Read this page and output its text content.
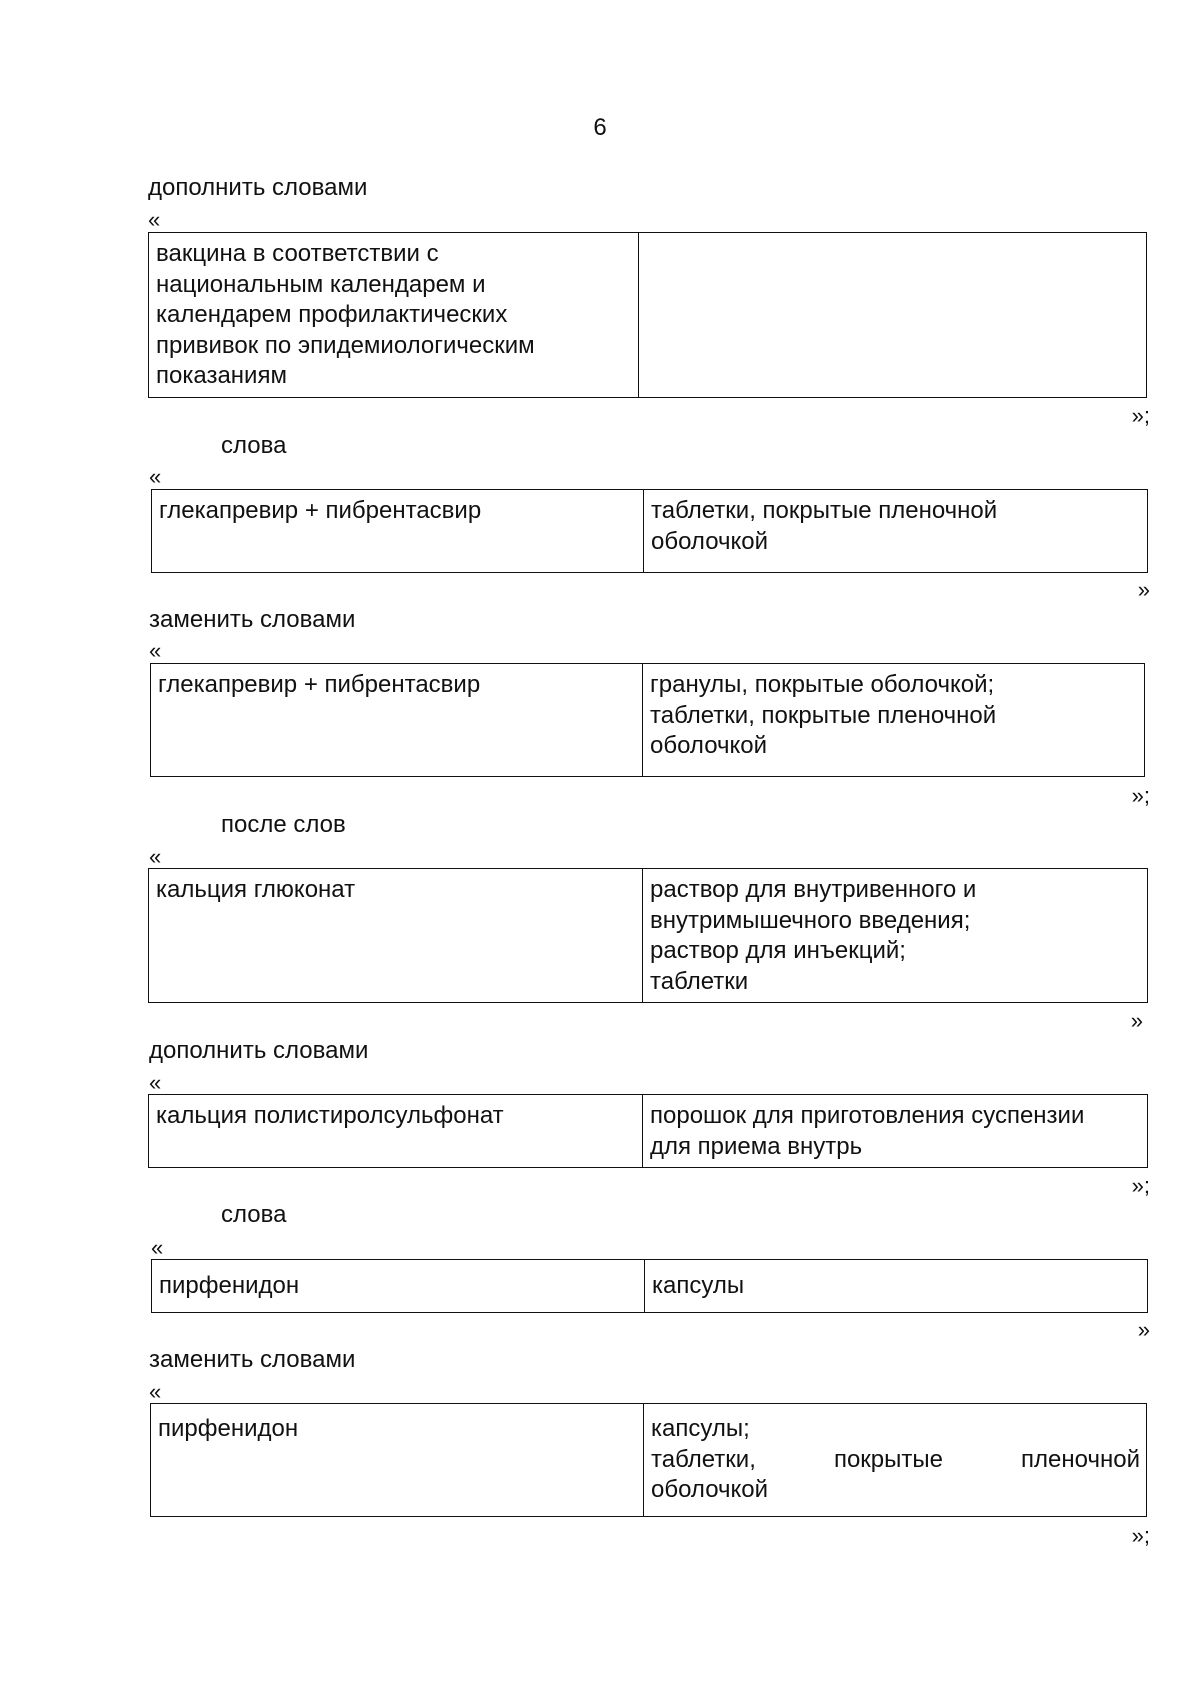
6
дополнить словами
«
вакцина в соответствии с
национальным календарем и
календарем профилактических
прививок по эпидемиологическим
показаниям
»;
слова
«
глекапревир + пибрентасвир	таблетки, покрытые пленочной
оболочкой
»
заменить словами
«
глекапревир + пибрентасвир	гранулы, покрытые оболочкой;
таблетки, покрытые пленочной
оболочкой
»;
после слов
«
кальция глюконат	раствор для внутривенного и
внутримышечного введения;
раствор для инъекций;
таблетки
»
дополнить словами
«
кальция полистиролсульфонат	порошок для приготовления суспензии
для приема внутрь
»;
слова
«
пирфенидон	капсулы
»
заменить словами
«
пирфенидон	капсулы;
таблетки, покрытые пленочной
оболочкой
»;
